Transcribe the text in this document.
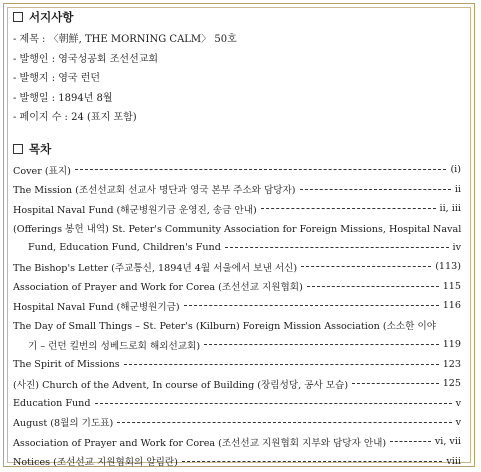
서지사항
- 제목 : 〈朝鮮, THE MORNING CALM〉 50호
- 발행인 : 영국성공회 조선선교회
- 발행지 : 영국 런던
- 발행일 : 1894년 8월
- 페이지 수 : 24 (표지 포함)
목차
Cover (표지)	(i)
The Mission (조선선교회 선교사 명단과 영국 본부 주소와 담당자)	ii
Hospital Naval Fund (해군병원기금 운영진, 송금 안내)	ii, iii
(Offerings 봉헌 내역) St. Peter's Community Association for Foreign Missions, Hospital Naval
Fund, Education Fund, Children's Fund	iv
The Bishop's Letter (주교통신, 1894년 4월 서울에서 보낸 서신)	(113)
Association of Prayer and Work for Corea (조선선교 지원협회)	115
Hospital Naval Fund (해군병원기금)	116
The Day of Small Things – St. Peter's (Kilburn) Foreign Mission Association (소소한 이야
기 – 런던 킬번의 성베드로회 해외선교회)	119
The Spirit of Missions	123
(사진) Church of the Advent, In course of Building (장림성당, 공사 모습)	125
Education Fund	v
August (8월의 기도표)	v
Association of Prayer and Work for Corea (조선선교 지원협회 지부와 담당자 안내)	vi, vii
Notices (조선선교 지원협회의 알림란)	viii
